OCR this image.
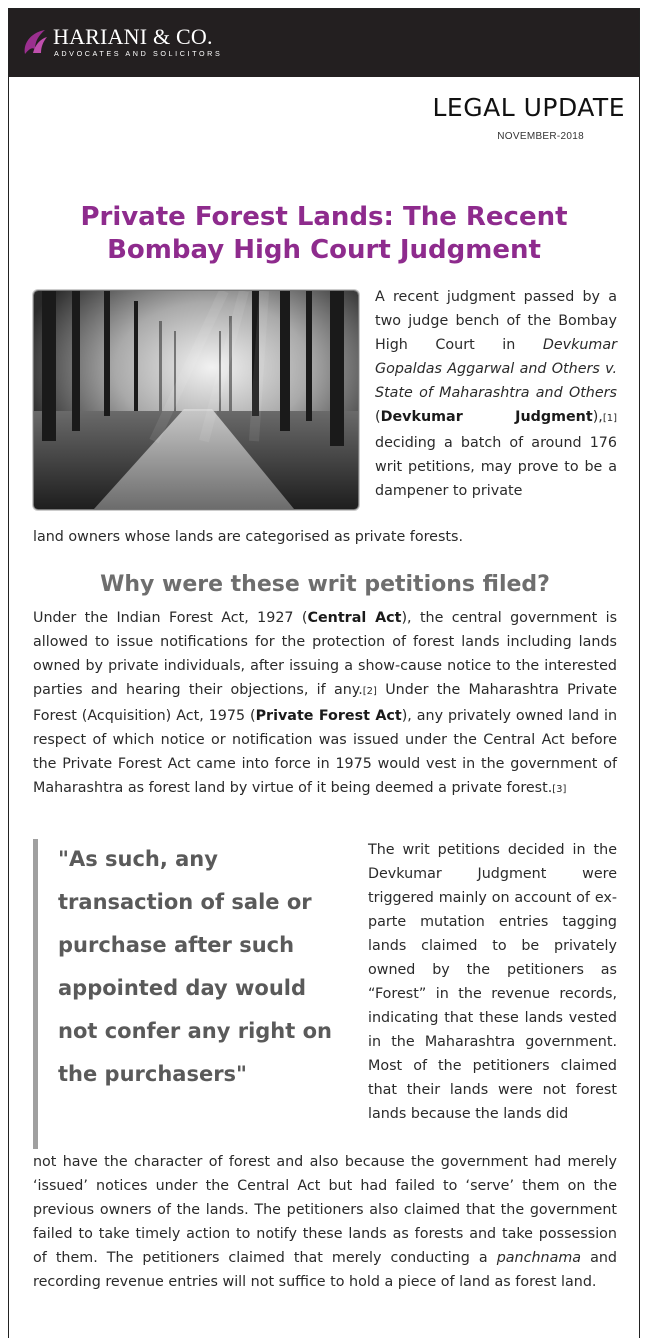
HARIANI & CO.
ADVOCATES AND SOLICITORS
LEGAL UPDATE
NOVEMBER-2018
Private Forest Lands: The Recent
Bombay High Court Judgment

A recent judgment passed by a two judge bench of the Bombay High Court in Devkumar Gopaldas Aggarwal and Others v. State of Maharashtra and Others (Devkumar Judgment),[1] deciding a batch of around 176 writ petitions, may prove to be a dampener to private

land owners whose lands are categorised as private forests.

Why were these writ petitions filed?

Under the Indian Forest Act, 1927 (Central Act), the central government is allowed to issue notifications for the protection of forest lands including lands owned by private individuals, after issuing a show-cause notice to the interested parties and hearing their objections, if any.[2] Under the Maharashtra Private Forest (Acquisition) Act, 1975 (Private Forest Act), any privately owned land in respect of which notice or notification was issued under the Central Act before the Private Forest Act came into force in 1975 would vest in the government of Maharashtra as forest land by virtue of it being deemed a private forest.[3]

"As such, any transaction of sale or purchase after such appointed day would not confer any right on the purchasers"

The writ petitions decided in the Devkumar Judgment were triggered mainly on account of ex-parte mutation entries tagging lands claimed to be privately owned by the petitioners as “Forest” in the revenue records, indicating that these lands vested in the Maharashtra government. Most of the petitioners claimed that their lands were not forest lands because the lands did

not have the character of forest and also because the government had merely ‘issued’ notices under the Central Act but had failed to ‘serve’ them on the previous owners of the lands. The petitioners also claimed that the government failed to take timely action to notify these lands as forests and take possession of them. The petitioners claimed that merely conducting a panchnama and recording revenue entries will not suffice to hold a piece of land as forest land.
